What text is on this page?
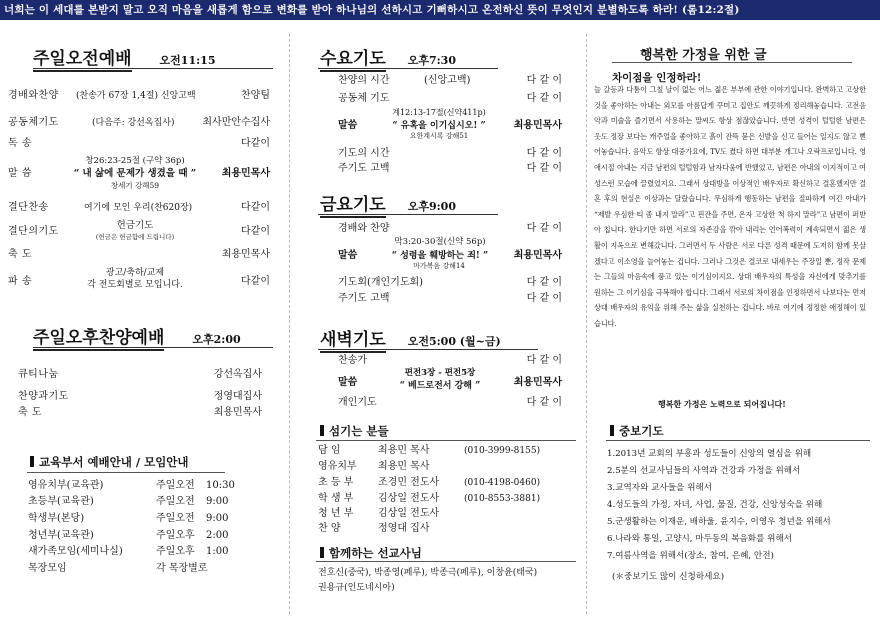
너희는 이 세대를 본받지 말고 오직 마음을 새롭게 함으로 변화를 받아 하나님의 선하시고 기뻐하시고 온전하신 뜻이 무엇인지 분별하도록 하라! (롬12:2절)
주일오전예배	오전11:15
경배와찬양 (찬송가 67장 1,4절) 신앙고백	찬양팀
공동체기도	(다음주: 강선옥집사)	최사만안수집사
독 송	다같이
말 씀	최용민목사
창26:23-25절 (구약 36p)
“ 내 삶에 문제가 생겼을 때 ”
창세기 강해59
결단찬송	여기에 모인 우리(찬620장)	다같이
결단의기도	다같이
헌금기도
(헌금은 헌금함에 드립니다)
축 도	최용민목사
파 송	다같이
광고/축하/교제
각 전도회별로 모입니다.
주일오후찬양예배	오후2:00
큐티나눔	강선옥집사
찬양과기도	정영대집사
축 도	최용민목사
교육부서 예배안내 / 모임안내
영유치부(교육관)	주일오전 10:30
초등부(교육관)	주일오전 9:00
학생부(본당)	주일오전 9:00
청년부(교육관)	주일오후 2:00
새가족모임(세미나실)	주일오후 1:00
목장모임	각 목장별로
수요기도 오후7:30
찬양의 시간	(신앙고백)	다 같 이
공동체 기도	다 같 이
계12:13-17절(신약411p)
말씀	최용민목사
“ 유혹을 이기십시오! ”
요한계시록 강해51
기도의 시간	다 같 이
주기도 고백	다 같 이
금요기도 오후9:00
경배와 찬양	다 같 이
막3:20-30절(신약 56p)
말씀	최용민목사
“ 성령을 훼방하는 죄! ”
마가복음 강해14
기도회(개인기도회)	다 같 이
주기도 고백	다 같 이
새벽기도 오전5:00 (월~금)
찬송가	다 같 이
편전3장 - 편전5장
말씀	최용민목사
“ 베드로전서 강해 ”
개인기도	다 같 이
섬기는 분들
담 임	최용민 목사	(010-3999-8155)
영유치부 최용민 목사
초 등 부 조경민 전도사	(010-4198-0460)
학 생 부 김상일 전도사	(010-8553-3881)
청 년 부 김상일 전도사
찬 양	정영대 집사
함께하는 선교사님
전호신(중국), 박종영(페루), 박종극(페루), 이창윤(태국)
권용규(인도네시아)
행복한 가정을 위한 글
차이점을 인정하라!
늘 갈등과 다툼이 그칠 날이 없는 어느 젊은 부부에 관한 이야기입니다. 완벽하고 고상한 것을 좋아하는 아내는 외모를 아름답게 꾸미고 집안도 깨끗하게 정리해놓습니다. 고전음악과 미술을 즐기면서 사용하는 말씨도 항상 점잖았습니다. 반면 성격이 털털한 남편은 옷도 정장 보다는 캐주얼을 좋아하고 흙이 잔뜩 묻은 신발을 신고 들어는 일지도 않고 뻗어놓습니다. 음악도 항상 대중가요에, TV도 켰다 하면 대부분 개그나 오락프로입니다. 영애시절 아내는 지금 남편의 털털함과 남자다움에 반했었고, 남편은 아내의 이지적이고 여성스런 모습에 끌렸었지요. 그래서 상대방을 이상적인 배우자로 확신하고 결혼했지만 결혼 후의 현실은 이상과는 달랐습니다. 무심하게 행동하는 남편을 질파하게 여긴 아내가 “제발 우심한 티 좀 내지 말라”고 핀잔을 주면, 온자 고상한 척 하지 말라”고 남편이 퍼받아 칩니다. 한나기만 하면 서로의 자존감을 깎아 내리는 언어폭력이 계속되면서 젊은 생활이 지옥으로 변해갔니다. 그러면서 두 사람은 서로 다른 성격 때문에 도저히 함께 못살겠다고 이소영을 늘어놓는 겁니다. 그러나 그것은 결코로 내세우는 주장일 뿐, 정작 문제는 그들의 마음속에 품고 있는 이기심이지요. 상대 배우자의 특성을 자신에게 맞추기를 원하는 그 이기심을 극복해야 합니다. 그래서 서로의 차이점을 인정하면서 나보다는 먼저 상대 배우자의 유익을 위해 주는 삶을 실천하는 겁니다. 바로 여기에 정정한 애정해이 있습니다.
행복한 가정은 노력으로 되어집니다!
중보기도
1.2013년 교회의 부흥과 성도들이 신앙의 열심을 위해
2.5분의 선교사님들의 사역과 건강과 가정을 위해서
3.교역자와 교사들을 위해서
4.성도들의 가정, 자녀, 사업, 물질, 건강, 신앙성숙을 위해
5.군생활하는 이재운, 배하울, 윤지수, 이영우 청년을 위해서
6.나라와 통일, 고양시, 마두동의 복음화를 위해서
7.여름사역을 위해서(장소, 참여, 은혜, 안전)
(＊중보기도 많이 신청하세요)
